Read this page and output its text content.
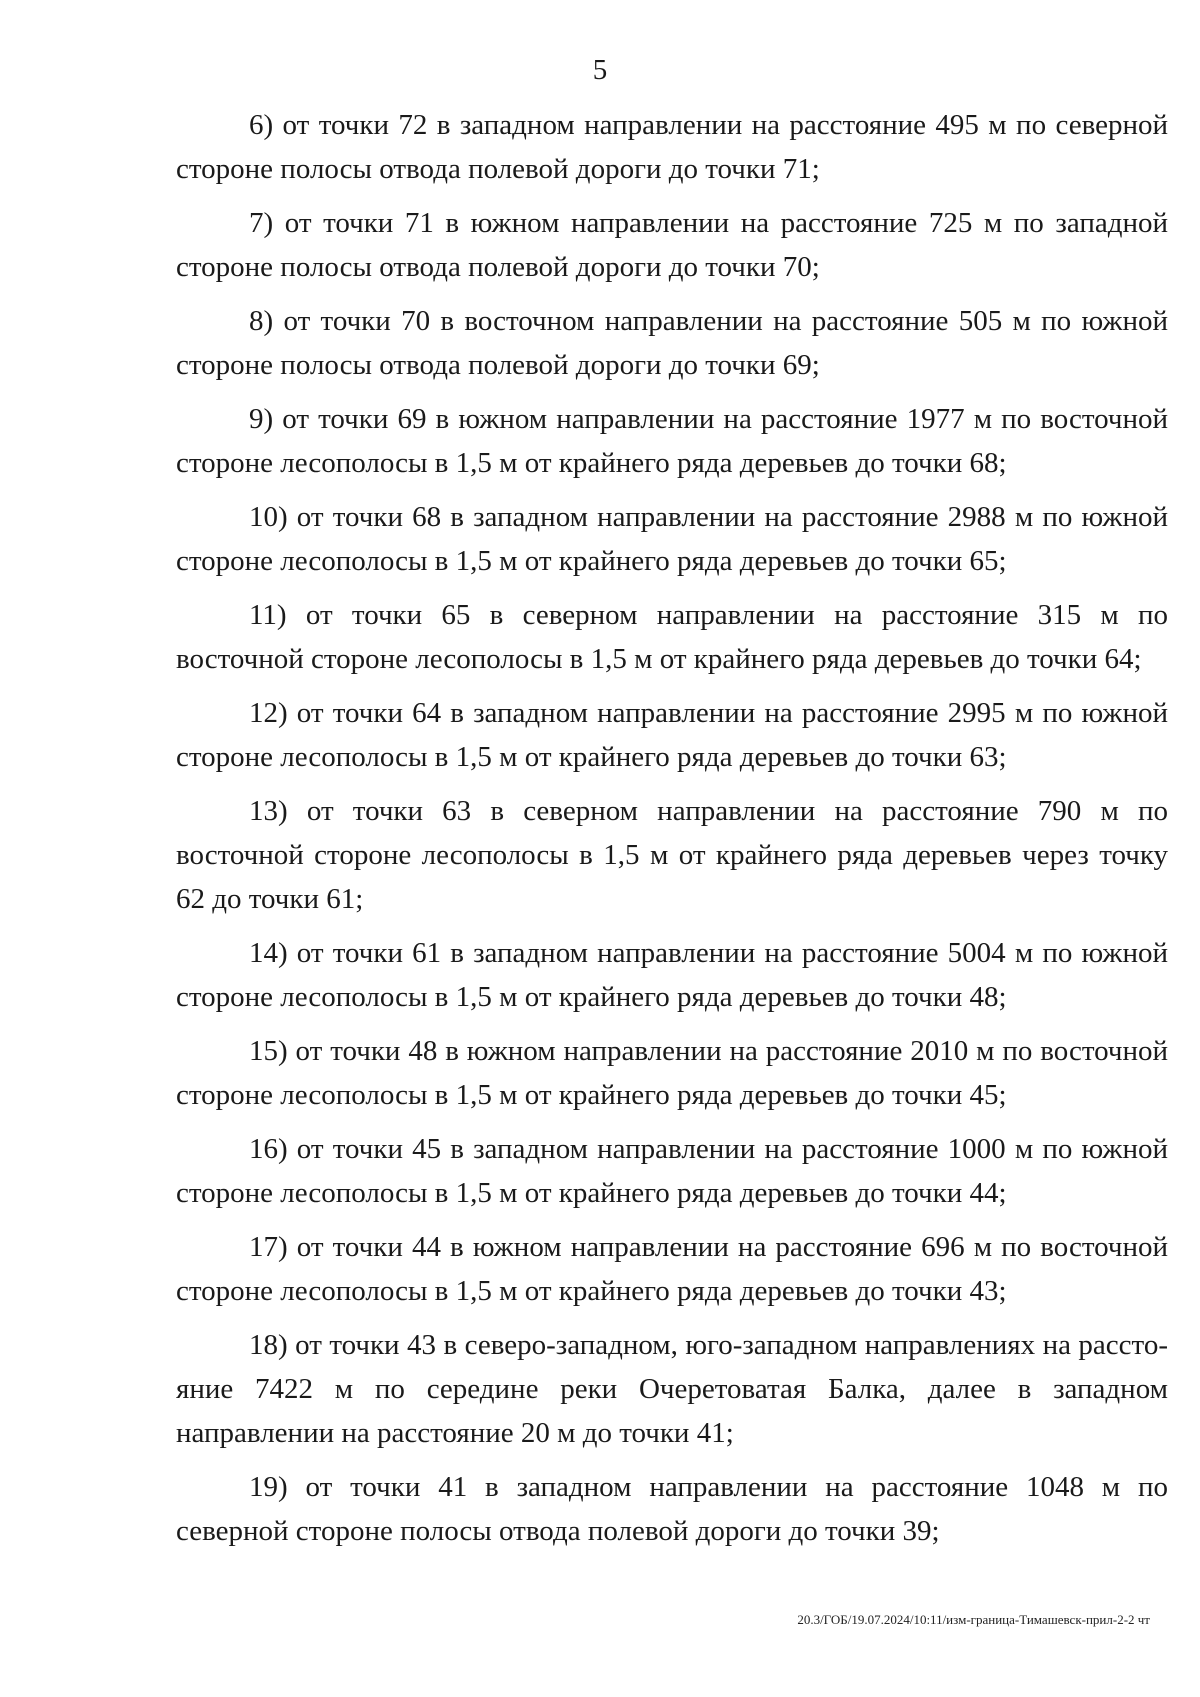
5

6) от точки 72 в западном направлении на расстояние 495 м по северной стороне полосы отвода полевой дороги до точки 71;

7) от точки 71 в южном направлении на расстояние 725 м по западной стороне полосы отвода полевой дороги до точки 70;

8) от точки 70 в восточном направлении на расстояние 505 м по южной стороне полосы отвода полевой дороги до точки 69;

9) от точки 69 в южном направлении на расстояние 1977 м по восточной стороне лесополосы в 1,5 м от крайнего ряда деревьев до точки 68;

10) от точки 68 в западном направлении на расстояние 2988 м по южной стороне лесополосы в 1,5 м от крайнего ряда деревьев до точки 65;

11) от точки 65 в северном направлении на расстояние 315 м по восточной стороне лесополосы в 1,5 м от крайнего ряда деревьев до точки 64;

12) от точки 64 в западном направлении на расстояние 2995 м по южной стороне лесополосы в 1,5 м от крайнего ряда деревьев до точки 63;

13) от точки 63 в северном направлении на расстояние 790 м по восточной стороне лесополосы в 1,5 м от крайнего ряда деревьев через точку 62 до точки 61;

14) от точки 61 в западном направлении на расстояние 5004 м по южной стороне лесополосы в 1,5 м от крайнего ряда деревьев до точки 48;

15) от точки 48 в южном направлении на расстояние 2010 м по восточной стороне лесополосы в 1,5 м от крайнего ряда деревьев до точки 45;

16) от точки 45 в западном направлении на расстояние 1000 м по южной стороне лесополосы в 1,5 м от крайнего ряда деревьев до точки 44;

17) от точки 44 в южном направлении на расстояние 696 м по восточной стороне лесополосы в 1,5 м от крайнего ряда деревьев до точки 43;

18) от точки 43 в северо-западном, юго-западном направлениях на расстояние 7422 м по середине реки Очеретоватая Балка, далее в западном направлении на расстояние 20 м до точки 41;

19) от точки 41 в западном направлении на расстояние 1048 м по северной стороне полосы отвода полевой дороги до точки 39;

20.3/ГОБ/19.07.2024/10:11/изм-граница-Тимашевск-прил-2-2 чт
